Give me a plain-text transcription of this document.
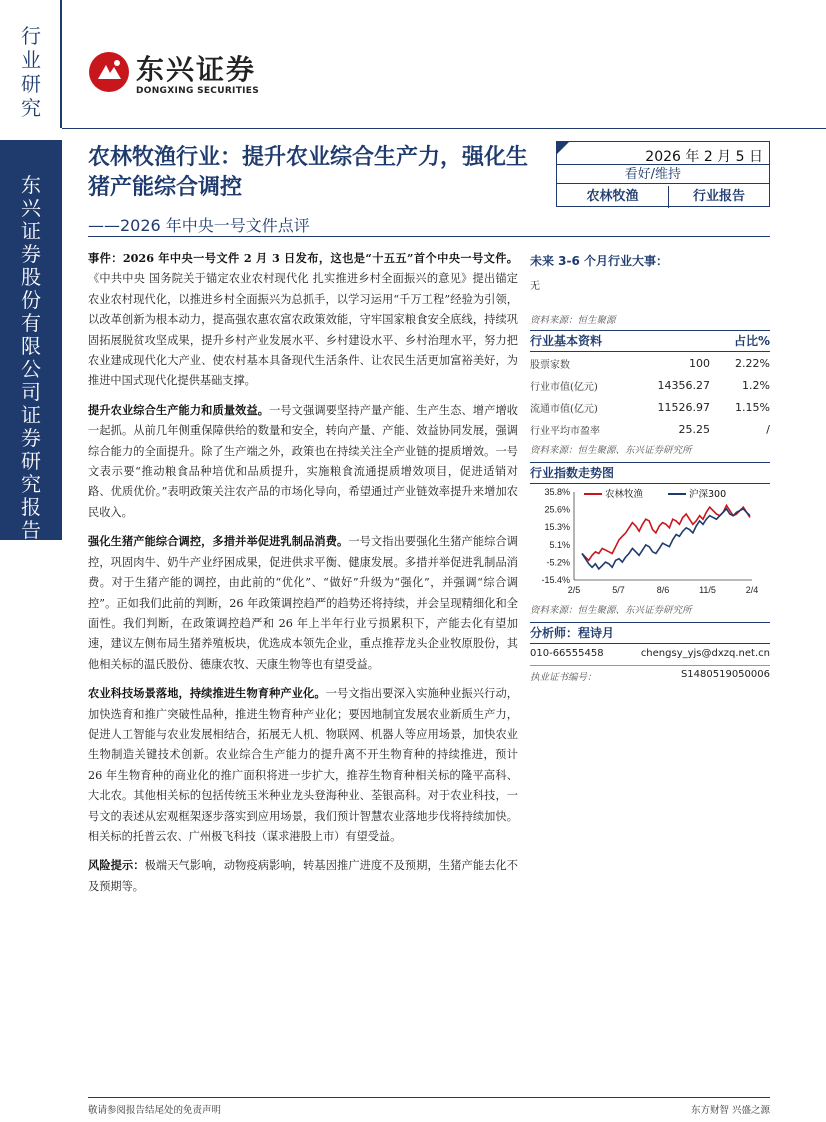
行业研究
东兴证券股份有限公司证券研究报告
东兴证券
DONGXING SECURITIES
农林牧渔行业：提升农业综合生产力，强化生猪产能综合调控
——2026 年中央一号文件点评
2026 年 2 月 5 日
看好/维持
农林牧渔	行业报告

事件：2026 年中央一号文件 2 月 3 日发布，这也是“十五五”首个中央一号文件。《中共中央 国务院关于锚定农业农村现代化 扎实推进乡村全面振兴的意见》提出锚定农业农村现代化，以推进乡村全面振兴为总抓手，以学习运用“千万工程”经验为引领，以改革创新为根本动力，提高强农惠农富农政策效能，守牢国家粮食安全底线，持续巩固拓展脱贫攻坚成果，提升乡村产业发展水平、乡村建设水平、乡村治理水平，努力把农业建成现代化大产业、使农村基本具备现代生活条件、让农民生活更加富裕美好，为推进中国式现代化提供基础支撑。

提升农业综合生产能力和质量效益。一号文强调要坚持产量产能、生产生态、增产增收一起抓。从前几年侧重保障供给的数量和安全，转向产量、产能、效益协同发展，强调综合能力的全面提升。除了生产端之外，政策也在持续关注全产业链的提质增效。一号文表示要“推动粮食品种培优和品质提升，实施粮食流通提质增效项目，促进适销对路、优质优价。”表明政策关注农产品的市场化导向，希望通过产业链效率提升来增加农民收入。

强化生猪产能综合调控，多措并举促进乳制品消费。一号文指出要强化生猪产能综合调控，巩固肉牛、奶牛产业纾困成果，促进供求平衡、健康发展。多措并举促进乳制品消费。对于生猪产能的调控，由此前的“优化”、“做好”升级为“强化”，并强调“综合调控”。正如我们此前的判断，26 年政策调控趋严的趋势还将持续，并会呈现精细化和全面性。我们判断，在政策调控趋严和 26 年上半年行业亏损累积下，产能去化有望加速，建议左侧布局生猪养殖板块，优选成本领先企业，重点推荐龙头企业牧原股份，其他相关标的温氏股份、德康农牧、天康生物等也有望受益。

农业科技场景落地，持续推进生物育种产业化。一号文指出要深入实施种业振兴行动，加快选育和推广突破性品种，推进生物育种产业化；要因地制宜发展农业新质生产力，促进人工智能与农业发展相结合，拓展无人机、物联网、机器人等应用场景，加快农业生物制造关键技术创新。农业综合生产能力的提升离不开生物育种的持续推进，预计 26 年生物育种的商业化的推广面积将进一步扩大，推荐生物育种相关标的隆平高科、大北农。其他相关标的包括传统玉米种业龙头登海种业、荃银高科。对于农业科技，一号文的表述从宏观框架逐步落实到应用场景，我们预计智慧农业落地步伐将持续加快。相关标的托普云农、广州极飞科技（谋求港股上市）有望受益。

风险提示：极端天气影响，动物疫病影响，转基因推广进度不及预期，生猪产能去化不及预期等。

未来 3-6 个月行业大事：
无
资料来源：恒生聚源
行业基本资料	占比%
股票家数	100	2.22%
行业市值(亿元)	14356.27	1.2%
流通市值(亿元)	11526.97	1.15%
行业平均市盈率	25.25	/
资料来源：恒生聚源、东兴证券研究所
行业指数走势图
35.8%
25.6%
15.3%
5.1%
-5.2%
-15.4%
2/5	5/7	8/6	11/5	2/4
农林牧渔	沪深300
资料来源：恒生聚源、东兴证券研究所
分析师： 程诗月
010-66555458	chengsy_yjs@dxzq.net.cn
执业证书编号：	S1480519050006
敬请参阅报告结尾处的免责声明	东方财智 兴盛之源
